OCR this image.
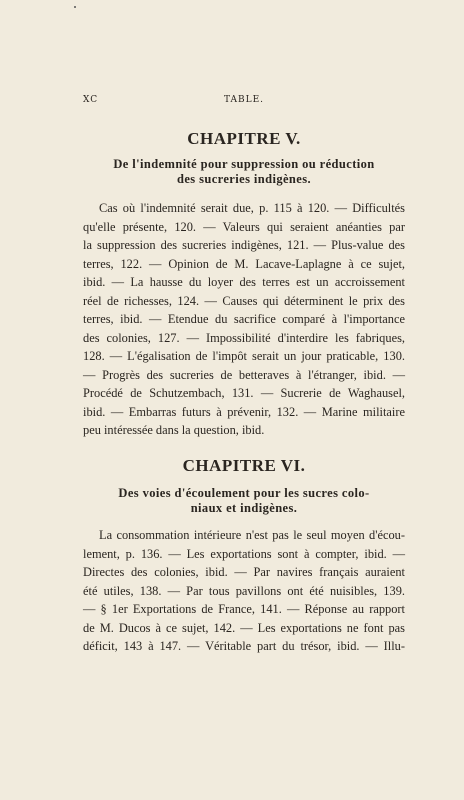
XC	TABLE.
CHAPITRE V.
De l'indemnité pour suppression ou réduction
des sucreries indigènes.
Cas où l'indemnité serait due, p. 115 à 120. — Difficultés
qu'elle présente, 120. — Valeurs qui seraient anéanties par
la suppression des sucreries indigènes, 121. — Plus-value des
terres, 122. — Opinion de M. Lacave-Laplagne à ce sujet,
ibid. — La hausse du loyer des terres est un accroissement
réel de richesses, 124. — Causes qui déterminent le prix des
terres, ibid. — Etendue du sacrifice comparé à l'importance
des colonies, 127. — Impossibilité d'interdire les fabriques,
128. — L'égalisation de l'impôt serait un jour praticable, 130.
— Progrès des sucreries de betteraves à l'étranger, ibid. —
Procédé de Schutzembach, 131. — Sucrerie de Waghausel,
ibid. — Embarras futurs à prévenir, 132. — Marine militaire
peu intéressée dans la question, ibid.
CHAPITRE VI.
Des voies d'écoulement pour les sucres colo-
niaux et indigènes.
La consommation intérieure n'est pas le seul moyen d'écou-
lement, p. 136. — Les exportations sont à compter, ibid. —
Directes des colonies, ibid. — Par navires français auraient
été utiles, 138. — Par tous pavillons ont été nuisibles, 139.
— § 1er Exportations de France, 141. — Réponse au rapport
de M. Ducos à ce sujet, 142. — Les exportations ne font pas
déficit, 143 à 147. — Véritable part du trésor, ibid. — Illu-
